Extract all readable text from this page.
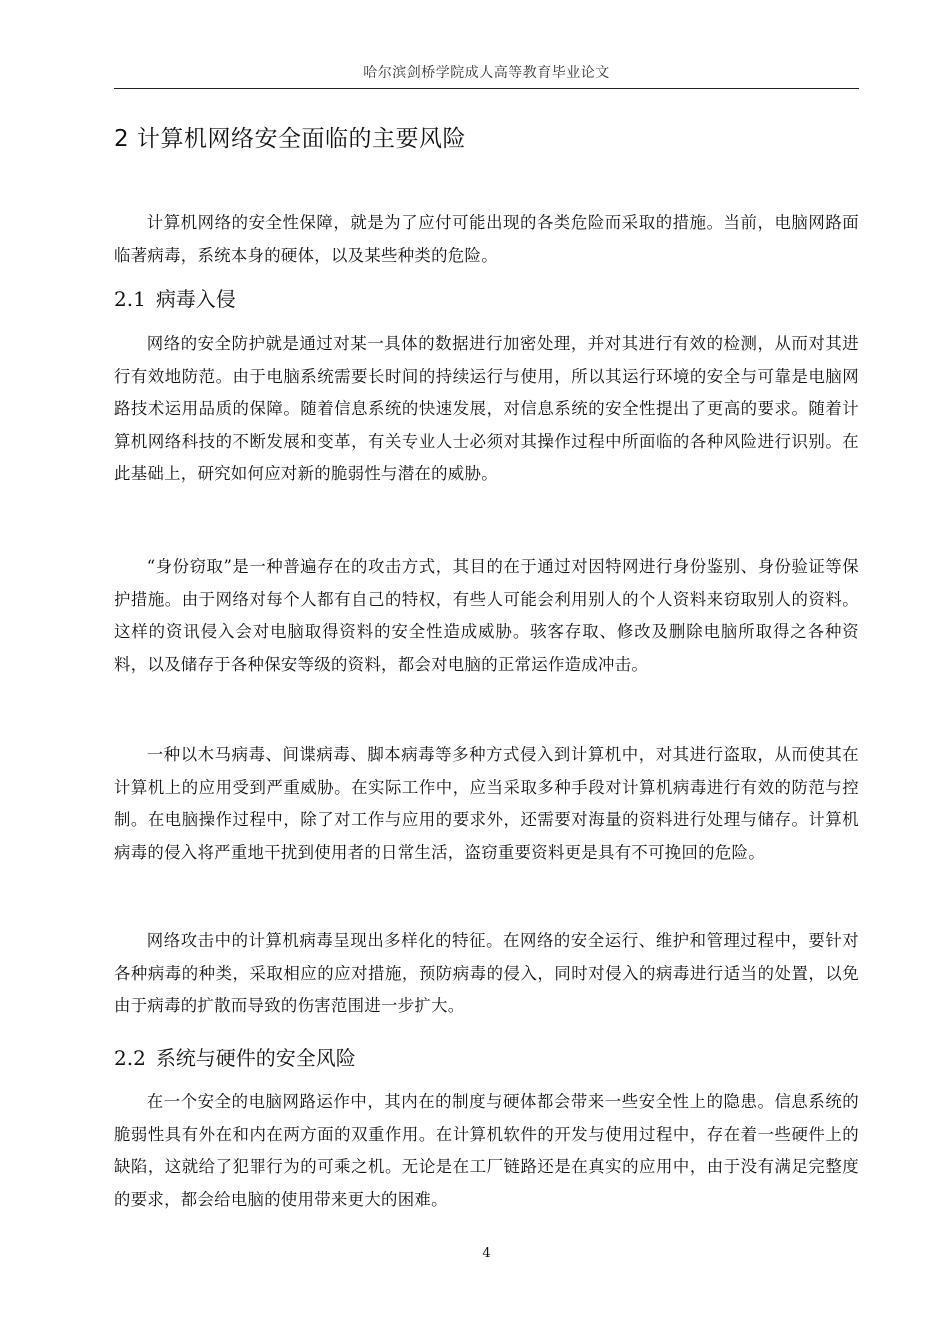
哈尔滨剑桥学院成人高等教育毕业论文
2 计算机网络安全面临的主要风险

计算机网络的安全性保障，就是为了应付可能出现的各类危险而采取的措施。当前，电脑网路面临著病毒，系统本身的硬体，以及某些种类的危险。

2.1 病毒入侵

网络的安全防护就是通过对某一具体的数据进行加密处理，并对其进行有效的检测，从而对其进行有效地防范。由于电脑系统需要长时间的持续运行与使用，所以其运行环境的安全与可靠是电脑网路技术运用品质的保障。随着信息系统的快速发展，对信息系统的安全性提出了更高的要求。随着计算机网络科技的不断发展和变革，有关专业人士必须对其操作过程中所面临的各种风险进行识别。在此基础上，研究如何应对新的脆弱性与潜在的威胁。

“身份窃取”是一种普遍存在的攻击方式，其目的在于通过对因特网进行身份鉴别、身份验证等保护措施。由于网络对每个人都有自己的特权，有些人可能会利用别人的个人资料来窃取别人的资料。这样的资讯侵入会对电脑取得资料的安全性造成威胁。骇客存取、修改及删除电脑所取得之各种资料，以及储存于各种保安等级的资料，都会对电脑的正常运作造成冲击。

一种以木马病毒、间谍病毒、脚本病毒等多种方式侵入到计算机中，对其进行盗取，从而使其在计算机上的应用受到严重威胁。在实际工作中，应当采取多种手段对计算机病毒进行有效的防范与控制。在电脑操作过程中，除了对工作与应用的要求外，还需要对海量的资料进行处理与储存。计算机病毒的侵入将严重地干扰到使用者的日常生活，盗窃重要资料更是具有不可挽回的危险。

网络攻击中的计算机病毒呈现出多样化的特征。在网络的安全运行、维护和管理过程中，要针对各种病毒的种类，采取相应的应对措施，预防病毒的侵入，同时对侵入的病毒进行适当的处置，以免由于病毒的扩散而导致的伤害范围进一步扩大。

2.2 系统与硬件的安全风险

在一个安全的电脑网路运作中，其内在的制度与硬体都会带来一些安全性上的隐患。信息系统的脆弱性具有外在和内在两方面的双重作用。在计算机软件的开发与使用过程中，存在着一些硬件上的缺陷，这就给了犯罪行为的可乘之机。无论是在工厂链路还是在真实的应用中，由于没有满足完整度的要求，都会给电脑的使用带来更大的困难。

4
